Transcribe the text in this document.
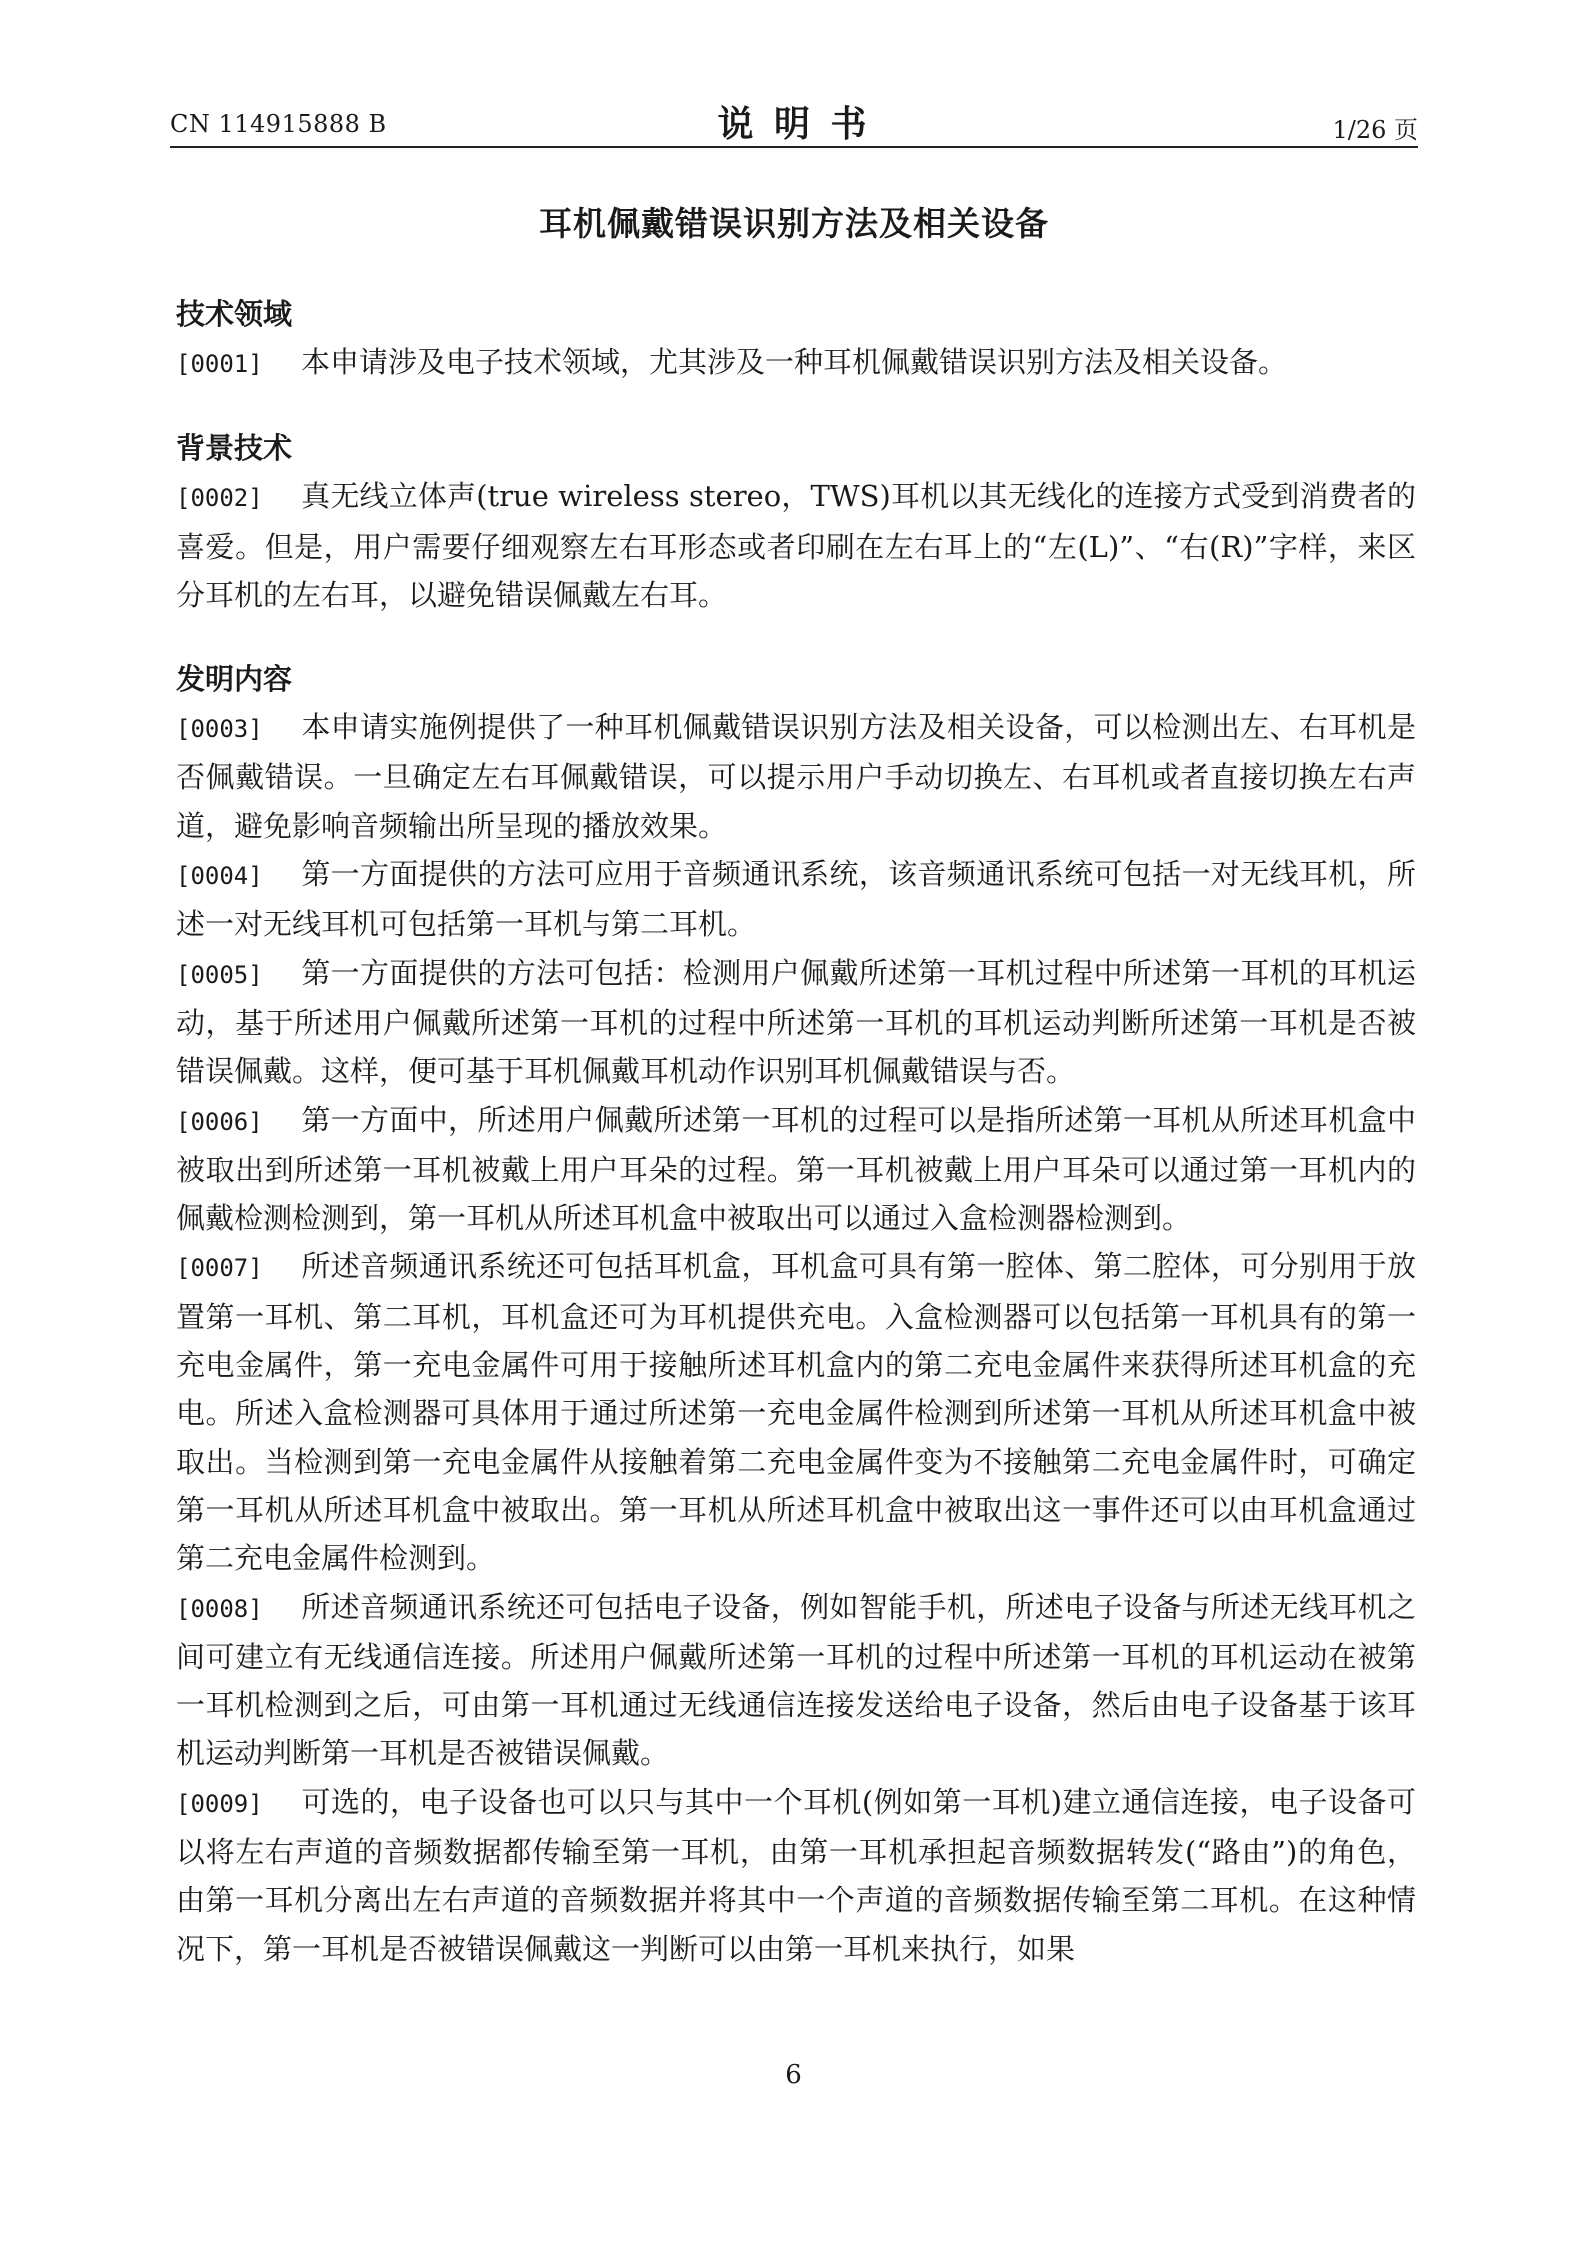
CN 114915888 B	说 明 书	1/26 页
耳机佩戴错误识别方法及相关设备
技术领域

[0001] 本申请涉及电子技术领域，尤其涉及一种耳机佩戴错误识别方法及相关设备。

背景技术

[0002] 真无线立体声(true wireless stereo，TWS)耳机以其无线化的连接方式受到消费者的喜爱。但是，用户需要仔细观察左右耳形态或者印刷在左右耳上的“左(L)”、“右(R)”字样，来区分耳机的左右耳，以避免错误佩戴左右耳。

发明内容

[0003] 本申请实施例提供了一种耳机佩戴错误识别方法及相关设备，可以检测出左、右耳机是否佩戴错误。一旦确定左右耳佩戴错误，可以提示用户手动切换左、右耳机或者直接切换左右声道，避免影响音频输出所呈现的播放效果。

[0004] 第一方面提供的方法可应用于音频通讯系统，该音频通讯系统可包括一对无线耳机，所述一对无线耳机可包括第一耳机与第二耳机。

[0005] 第一方面提供的方法可包括：检测用户佩戴所述第一耳机过程中所述第一耳机的耳机运动，基于所述用户佩戴所述第一耳机的过程中所述第一耳机的耳机运动判断所述第一耳机是否被错误佩戴。这样，便可基于耳机佩戴耳机动作识别耳机佩戴错误与否。

[0006] 第一方面中，所述用户佩戴所述第一耳机的过程可以是指所述第一耳机从所述耳机盒中被取出到所述第一耳机被戴上用户耳朵的过程。第一耳机被戴上用户耳朵可以通过第一耳机内的佩戴检测检测到，第一耳机从所述耳机盒中被取出可以通过入盒检测器检测到。

[0007] 所述音频通讯系统还可包括耳机盒，耳机盒可具有第一腔体、第二腔体，可分别用于放置第一耳机、第二耳机，耳机盒还可为耳机提供充电。入盒检测器可以包括第一耳机具有的第一充电金属件，第一充电金属件可用于接触所述耳机盒内的第二充电金属件来获得所述耳机盒的充电。所述入盒检测器可具体用于通过所述第一充电金属件检测到所述第一耳机从所述耳机盒中被取出。当检测到第一充电金属件从接触着第二充电金属件变为不接触第二充电金属件时，可确定第一耳机从所述耳机盒中被取出。第一耳机从所述耳机盒中被取出这一事件还可以由耳机盒通过第二充电金属件检测到。

[0008] 所述音频通讯系统还可包括电子设备，例如智能手机，所述电子设备与所述无线耳机之间可建立有无线通信连接。所述用户佩戴所述第一耳机的过程中所述第一耳机的耳机运动在被第一耳机检测到之后，可由第一耳机通过无线通信连接发送给电子设备，然后由电子设备基于该耳机运动判断第一耳机是否被错误佩戴。

[0009] 可选的，电子设备也可以只与其中一个耳机(例如第一耳机)建立通信连接，电子设备可以将左右声道的音频数据都传输至第一耳机，由第一耳机承担起音频数据转发(“路由”)的角色，由第一耳机分离出左右声道的音频数据并将其中一个声道的音频数据传输至第二耳机。在这种情况下，第一耳机是否被错误佩戴这一判断可以由第一耳机来执行，如果

6
